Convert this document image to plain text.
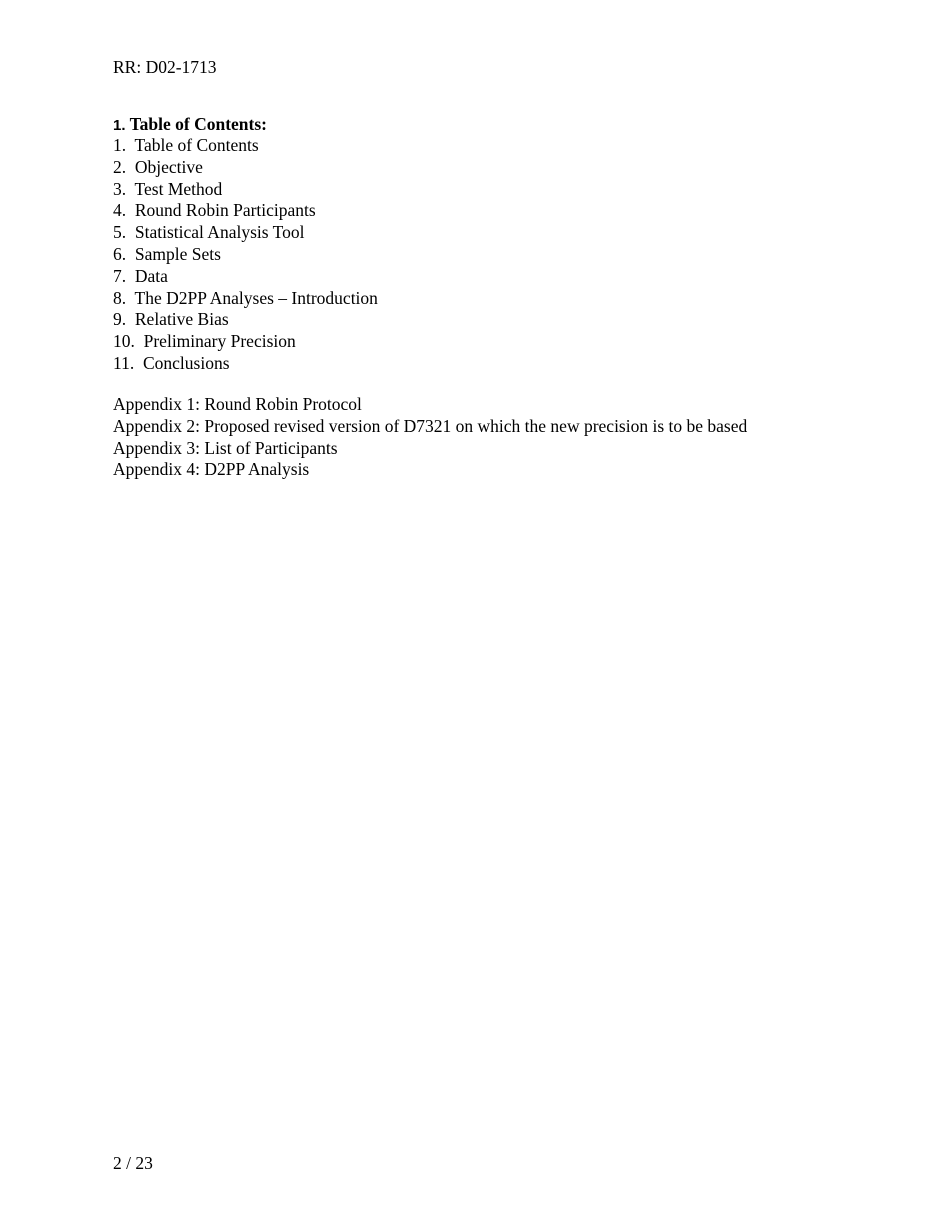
RR: D02-1713
1. Table of Contents:
1.  Table of Contents
2.  Objective
3.  Test Method
4.  Round Robin Participants
5.  Statistical Analysis Tool
6.  Sample Sets
7.  Data
8.  The D2PP Analyses – Introduction
9.  Relative Bias
10.  Preliminary Precision
11.  Conclusions
Appendix 1: Round Robin Protocol
Appendix 2: Proposed revised version of D7321 on which the new precision is to be based
Appendix 3: List of Participants
Appendix 4: D2PP Analysis
2 / 23
